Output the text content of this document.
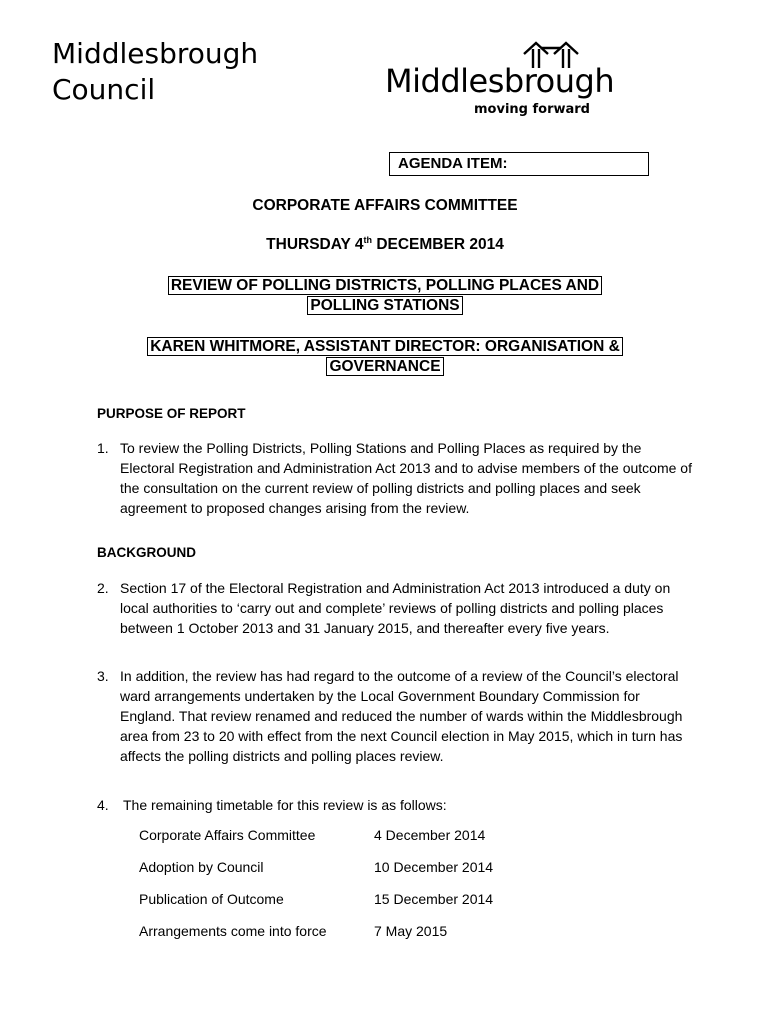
Middlesbrough
Council	Middlesbrough
moving forward
AGENDA ITEM:
CORPORATE AFFAIRS COMMITTEE
THURSDAY 4th DECEMBER 2014
REVIEW OF POLLING DISTRICTS, POLLING PLACES AND
POLLING STATIONS
KAREN WHITMORE, ASSISTANT DIRECTOR: ORGANISATION &
GOVERNANCE
PURPOSE OF REPORT
1. To review the Polling Districts, Polling Stations and Polling Places as required by the Electoral Registration and Administration Act 2013 and to advise members of the outcome of the consultation on the current review of polling districts and polling places and seek agreement to proposed changes arising from the review.
BACKGROUND
2. Section 17 of the Electoral Registration and Administration Act 2013 introduced a duty on local authorities to ‘carry out and complete’ reviews of polling districts and polling places between 1 October 2013 and 31 January 2015, and thereafter every five years.
3. In addition, the review has had regard to the outcome of a review of the Council’s electoral ward arrangements undertaken by the Local Government Boundary Commission for England. That review renamed and reduced the number of wards within the Middlesbrough area from 23 to 20 with effect from the next Council election in May 2015, which in turn has affects the polling districts and polling places review.
4. The remaining timetable for this review is as follows:
Corporate Affairs Committee	4 December 2014
Adoption by Council	10 December 2014
Publication of Outcome	15 December 2014
Arrangements come into force	7 May 2015
